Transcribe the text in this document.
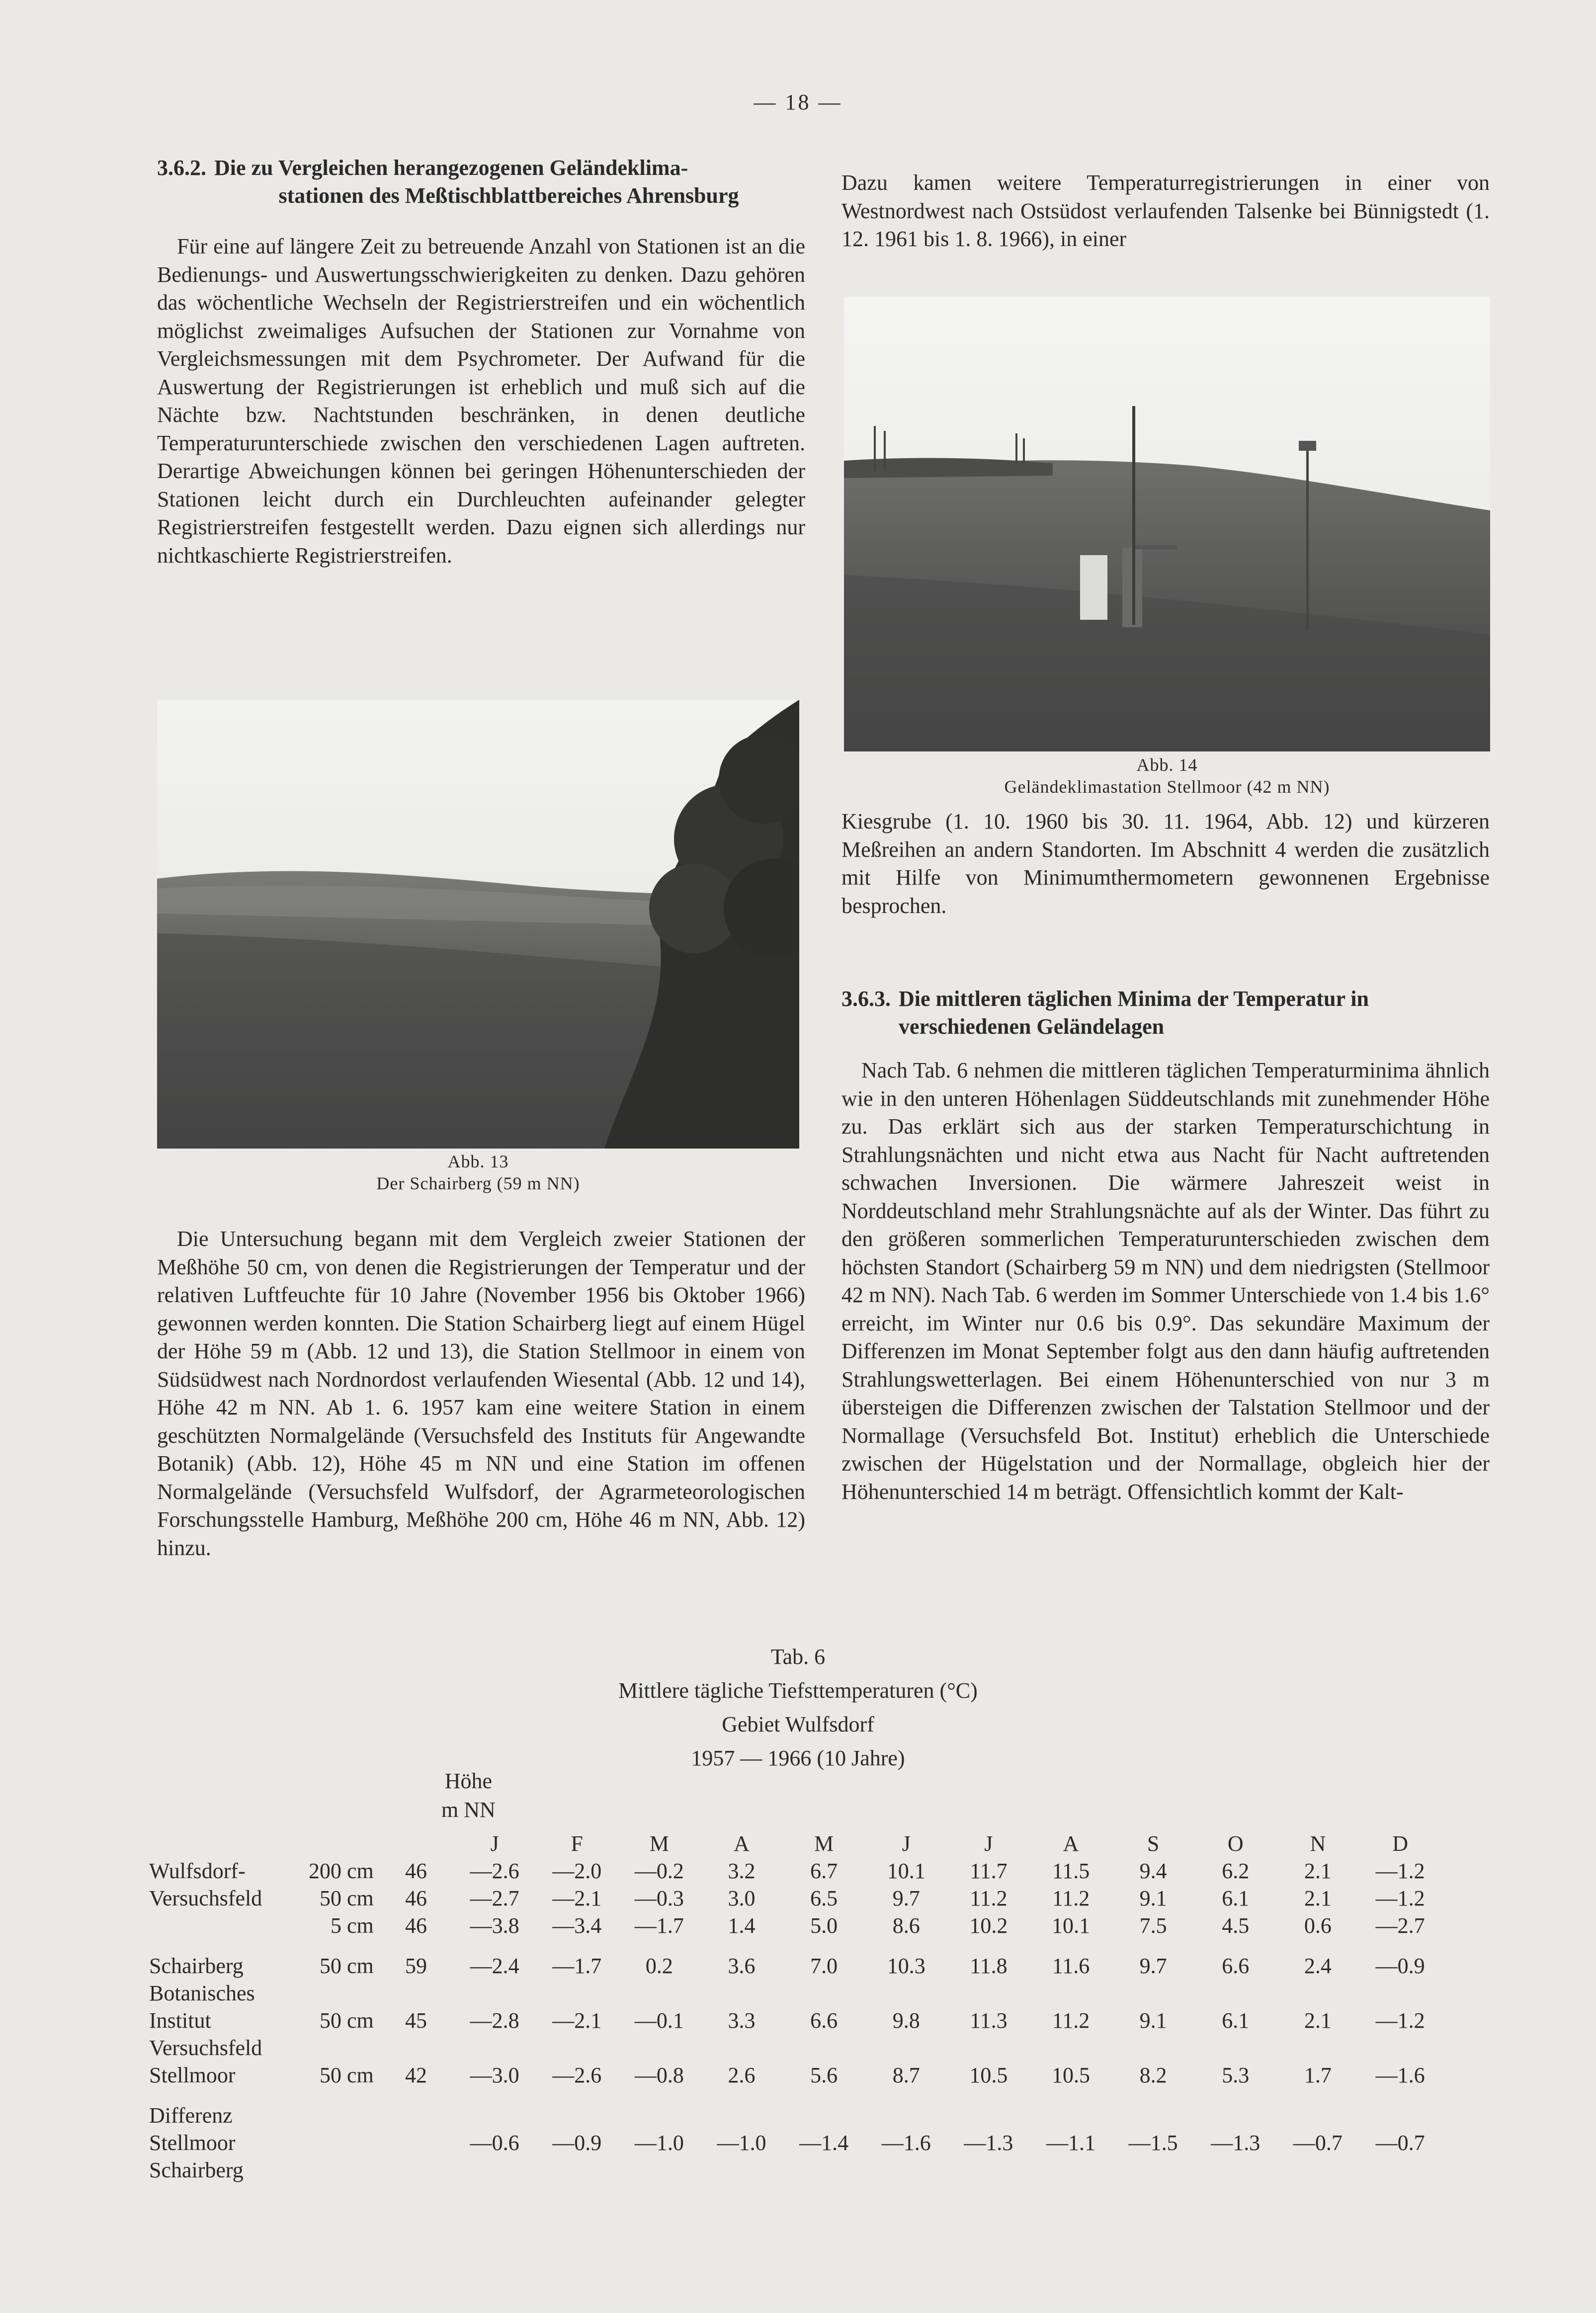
— 18 —
3.6.2. Die zu Vergleichen herangezogenen Geländeklima-
stationen des Meßtischblattbereiches Ahrensburg

Für eine auf längere Zeit zu betreuende Anzahl von Stationen ist an die Bedienungs- und Auswertungsschwierigkeiten zu denken. Dazu gehören das wöchentliche Wechseln der Registrierstreifen und ein wöchentlich möglichst zweimaliges Aufsuchen der Stationen zur Vornahme von Vergleichsmessungen mit dem Psychrometer. Der Aufwand für die Auswertung der Registrierungen ist erheblich und muß sich auf die Nächte bzw. Nachtstunden beschränken, in denen deutliche Temperaturunterschiede zwischen den verschiedenen Lagen auftreten. Derartige Abweichungen können bei geringen Höhenunterschieden der Stationen leicht durch ein Durchleuchten aufeinander gelegter Registrierstreifen festgestellt werden. Dazu eignen sich allerdings nur nichtkaschierte Registrierstreifen.

Abb. 13
Der Schairberg (59 m NN)

Die Untersuchung begann mit dem Vergleich zweier Stationen der Meßhöhe 50 cm, von denen die Registrierungen der Temperatur und der relativen Luftfeuchte für 10 Jahre (November 1956 bis Oktober 1966) gewonnen werden konnten. Die Station Schairberg liegt auf einem Hügel der Höhe 59 m (Abb. 12 und 13), die Station Stellmoor in einem von Südsüdwest nach Nordnordost verlaufenden Wiesental (Abb. 12 und 14), Höhe 42 m NN. Ab 1. 6. 1957 kam eine weitere Station in einem geschützten Normalgelände (Versuchsfeld des Instituts für Angewandte Botanik) (Abb. 12), Höhe 45 m NN und eine Station im offenen Normalgelände (Versuchsfeld Wulfsdorf, der Agrarmeteorologischen Forschungsstelle Hamburg, Meßhöhe 200 cm, Höhe 46 m NN, Abb. 12) hinzu.

Dazu kamen weitere Temperaturregistrierungen in einer von Westnordwest nach Ostsüdost verlaufenden Talsenke bei Bünnigstedt (1. 12. 1961 bis 1. 8. 1966), in einer

Abb. 14
Geländeklimastation Stellmoor (42 m NN)

Kiesgrube (1. 10. 1960 bis 30. 11. 1964, Abb. 12) und kürzeren Meßreihen an andern Standorten. Im Abschnitt 4 werden die zusätzlich mit Hilfe von Minimumthermometern gewonnenen Ergebnisse besprochen.

3.6.3. Die mittleren täglichen Minima der Temperatur in
verschiedenen Geländelagen

Nach Tab. 6 nehmen die mittleren täglichen Temperaturminima ähnlich wie in den unteren Höhenlagen Süddeutschlands mit zunehmender Höhe zu. Das erklärt sich aus der starken Temperaturschichtung in Strahlungsnächten und nicht etwa aus Nacht für Nacht auftretenden schwachen Inversionen. Die wärmere Jahreszeit weist in Norddeutschland mehr Strahlungsnächte auf als der Winter. Das führt zu den größeren sommerlichen Temperaturunterschieden zwischen dem höchsten Standort (Schairberg 59 m NN) und dem niedrigsten (Stellmoor 42 m NN). Nach Tab. 6 werden im Sommer Unterschiede von 1.4 bis 1.6° erreicht, im Winter nur 0.6 bis 0.9°. Das sekundäre Maximum der Differenzen im Monat September folgt aus den dann häufig auftretenden Strahlungswetterlagen. Bei einem Höhenunterschied von nur 3 m übersteigen die Differenzen zwischen der Talstation Stellmoor und der Normallage (Versuchsfeld Bot. Institut) erheblich die Unterschiede zwischen der Hügelstation und der Normallage, obgleich hier der Höhenunterschied 14 m beträgt. Offensichtlich kommt der Kalt-

Tab. 6
Mittlere tägliche Tiefsttemperaturen (°C)
Gebiet Wulfsdorf
1957 — 1966 (10 Jahre)
Höhe
m NN
			J	F	M	A	M	J	J	A	S	O	N	D
Wulfsdorf-	200 cm	46	—2.6	—2.0	—0.2	3.2	6.7	10.1	11.7	11.5	9.4	6.2	2.1	—1.2
Versuchsfeld	50 cm	46	—2.7	—2.1	—0.3	3.0	6.5	9.7	11.2	11.2	9.1	6.1	2.1	—1.2
	5 cm	46	—3.8	—3.4	—1.7	1.4	5.0	8.6	10.2	10.1	7.5	4.5	0.6	—2.7

Schairberg	50 cm	59	—2.4	—1.7	0.2	3.6	7.0	10.3	11.8	11.6	9.7	6.6	2.4	—0.9
Botanisches														
Institut	50 cm	45	—2.8	—2.1	—0.1	3.3	6.6	9.8	11.3	11.2	9.1	6.1	2.1	—1.2
Versuchsfeld														
Stellmoor	50 cm	42	—3.0	—2.6	—0.8	2.6	5.6	8.7	10.5	10.5	8.2	5.3	1.7	—1.6

Differenz														
Stellmoor			—0.6	—0.9	—1.0	—1.0	—1.4	—1.6	—1.3	—1.1	—1.5	—1.3	—0.7	—0.7
Schairberg														
